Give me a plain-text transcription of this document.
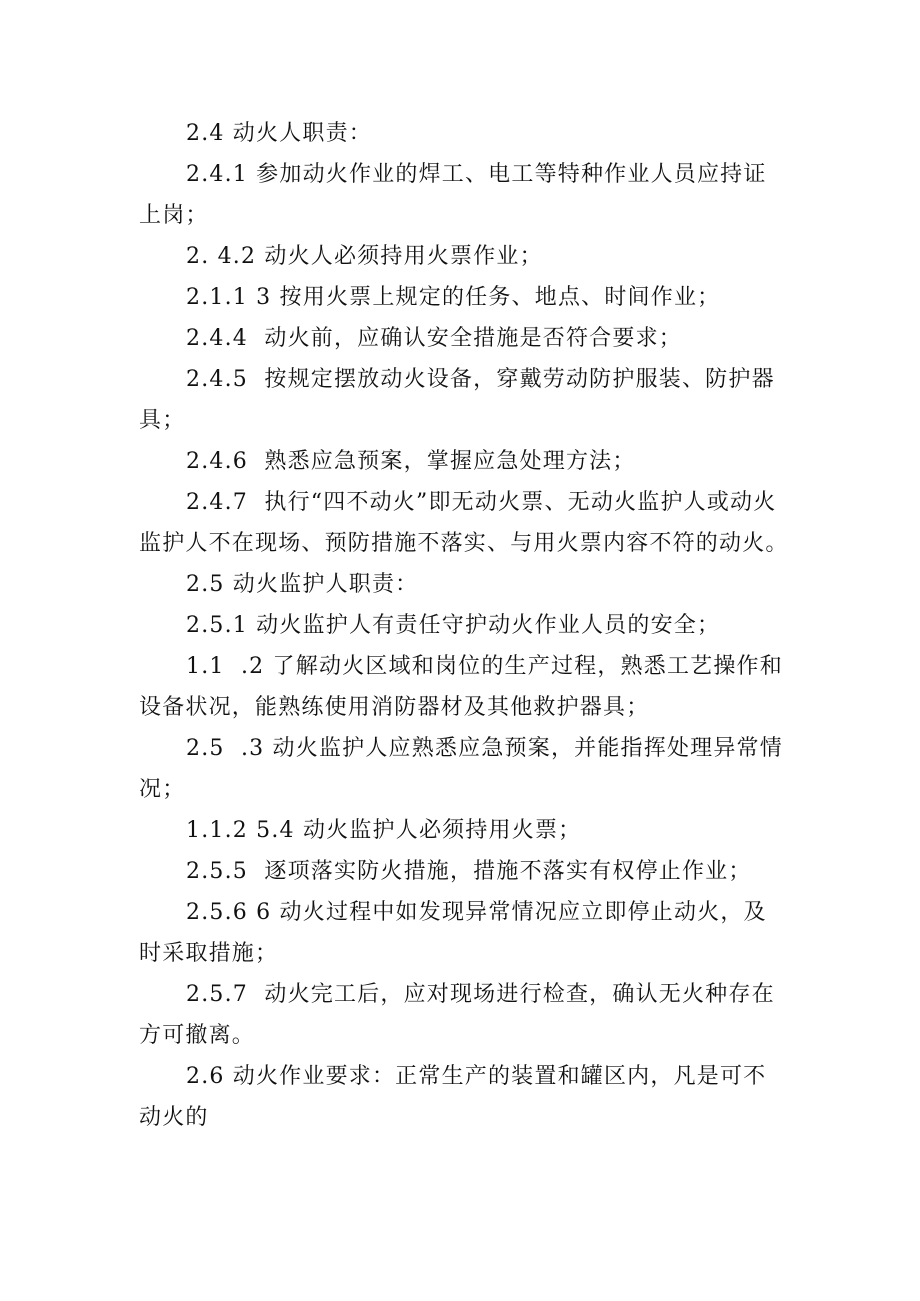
2.4 动火人职责：

2.4.1 参加动火作业的焊工、电工等特种作业人员应持证上岗；

2. 4.2 动火人必须持用火票作业；

2.1.1 3 按用火票上规定的任务、地点、时间作业；

2.4.4  动火前，应确认安全措施是否符合要求；

2.4.5  按规定摆放动火设备，穿戴劳动防护服装、防护器具；

2.4.6  熟悉应急预案，掌握应急处理方法；

2.4.7  执行“四不动火”即无动火票、无动火监护人或动火监护人不在现场、预防措施不落实、与用火票内容不符的动火。

2.5 动火监护人职责：

2.5.1 动火监护人有责任守护动火作业人员的安全；

1.1  .2 了解动火区域和岗位的生产过程，熟悉工艺操作和设备状况，能熟练使用消防器材及其他救护器具；

2.5  .3 动火监护人应熟悉应急预案，并能指挥处理异常情况；

1.1.2 5.4 动火监护人必须持用火票；

2.5.5  逐项落实防火措施，措施不落实有权停止作业；

2.5.6 6 动火过程中如发现异常情况应立即停止动火，及时采取措施；

2.5.7  动火完工后，应对现场进行检查，确认无火种存在方可撤离。

2.6 动火作业要求：正常生产的装置和罐区内，凡是可不动火的
